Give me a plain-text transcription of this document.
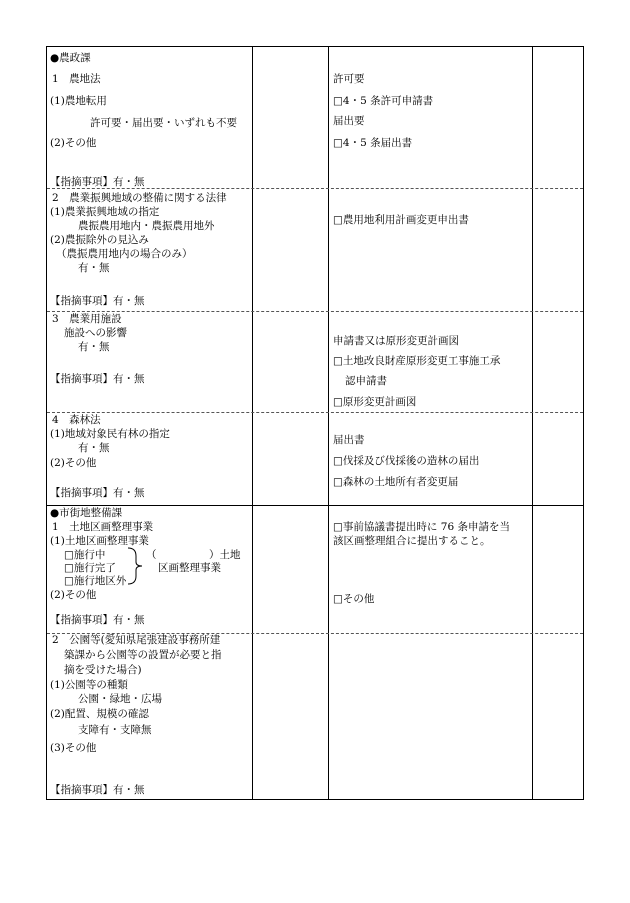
●農政課
1　農地法
(1)農地転用
許可要・届出要・いずれも不要
(2)その他
【指摘事項】有・無
許可要
□4・5 条許可申請書
届出要
□4・5 条届出書
2　農業振興地域の整備に関する法律
(1)農業振興地域の指定
農振農用地内・農振農用地外
(2)農振除外の見込み
（農振農用地内の場合のみ）
有・無
【指摘事項】有・無
□農用地利用計画変更申出書
3　農業用施設
施設への影響
有・無
【指摘事項】有・無
申請書又は原形変更計画図
□土地改良財産原形変更工事施工承
認申請書
□原形変更計画図
4　森林法
(1)地域対象民有林の指定
有・無
(2)その他
【指摘事項】有・無
届出書
□伐採及び伐採後の造林の届出
□森林の土地所有者変更届
●市街地整備課
1　土地区画整理事業
(1)土地区画整理事業
□施行中
□施行完了
□施行地区外
（　　　　　）土地
区画整理事業
(2)その他
【指摘事項】有・無
□事前協議書提出時に 76 条申請を当
該区画整理組合に提出すること。
□その他
2　公園等(愛知県尾張建設事務所建
築課から公園等の設置が必要と指
摘を受けた場合)
(1)公園等の種類
公園・緑地・広場
(2)配置、規模の確認
支障有・支障無
(3)その他
【指摘事項】有・無
